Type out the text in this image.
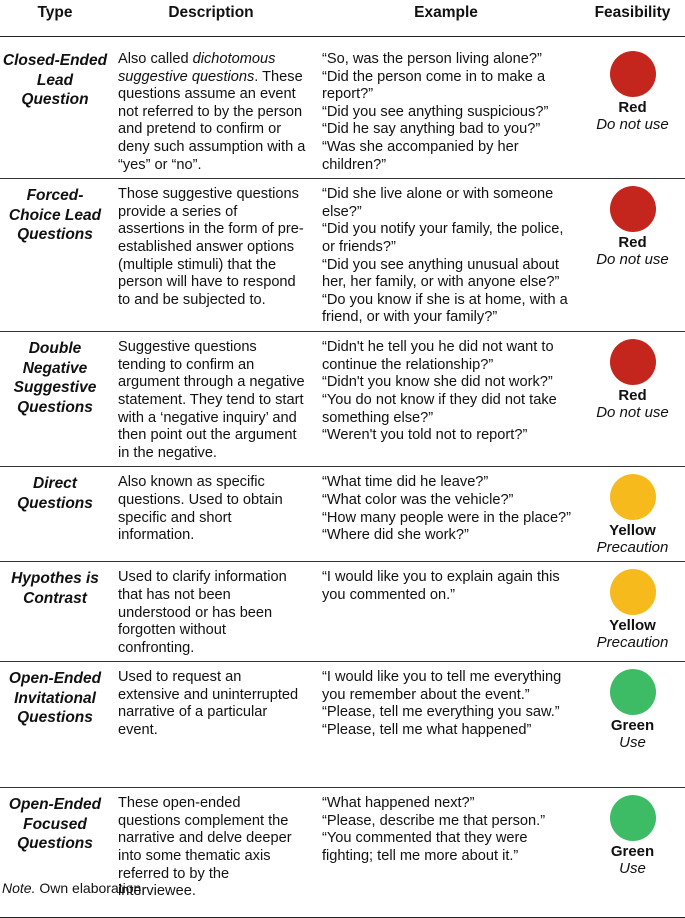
Type	Description	Example	Feasibility
Closed-Ended Lead Question	Also called dichotomous suggestive questions. These questions assume an event not referred to by the person and pretend to confirm or deny such assumption with a “yes” or “no”.	“So, was the person living alone?”
“Did the person come in to make a report?”
“Did you see anything suspicious?”
“Did he say anything bad to you?”
“Was she accompanied by her children?”	Red
Do not use

Forced-Choice Lead Questions	Those suggestive questions provide a series of assertions in the form of pre-established answer options (multiple stimuli) that the person will have to respond to and be subjected to.	“Did she live alone or with someone else?”
“Did you notify your family, the police, or friends?”
“Did you see anything unusual about her, her family, or with anyone else?”
“Do you know if she is at home, with a friend, or with your family?”	Red
Do not use

Double Negative Suggestive Questions	Suggestive questions tending to confirm an argument through a negative statement. They tend to start with a ‘negative inquiry’ and then point out the argument in the negative.	“Didn't he tell you he did not want to continue the relationship?”
“Didn't you know she did not work?”
“You do not know if they did not take something else?”
“Weren't you told not to report?”	Red
Do not use

Direct Questions	Also known as specific questions. Used to obtain specific and short information.	“What time did he leave?”
“What color was the vehicle?”
“How many people were in the place?”
“Where did she work?”	Yellow
Precaution

Hypothes is Contrast	Used to clarify information that has not been understood or has been forgotten without confronting.	“I would like you to explain again this you commented on.”	Yellow
Precaution

Open-Ended Invitational Questions	Used to request an extensive and uninterrupted narrative of a particular event.	“I would like you to tell me everything you remember about the event.”
“Please, tell me everything you saw.”
“Please, tell me what happened”	Green
Use

Open-Ended Focused Questions	These open-ended questions complement the narrative and delve deeper into some thematic axis referred to by the interviewee.	“What happened next?”
“Please, describe me that person.”
“You commented that they were fighting; tell me more about it.”	Green
Use
Note. Own elaboration.
